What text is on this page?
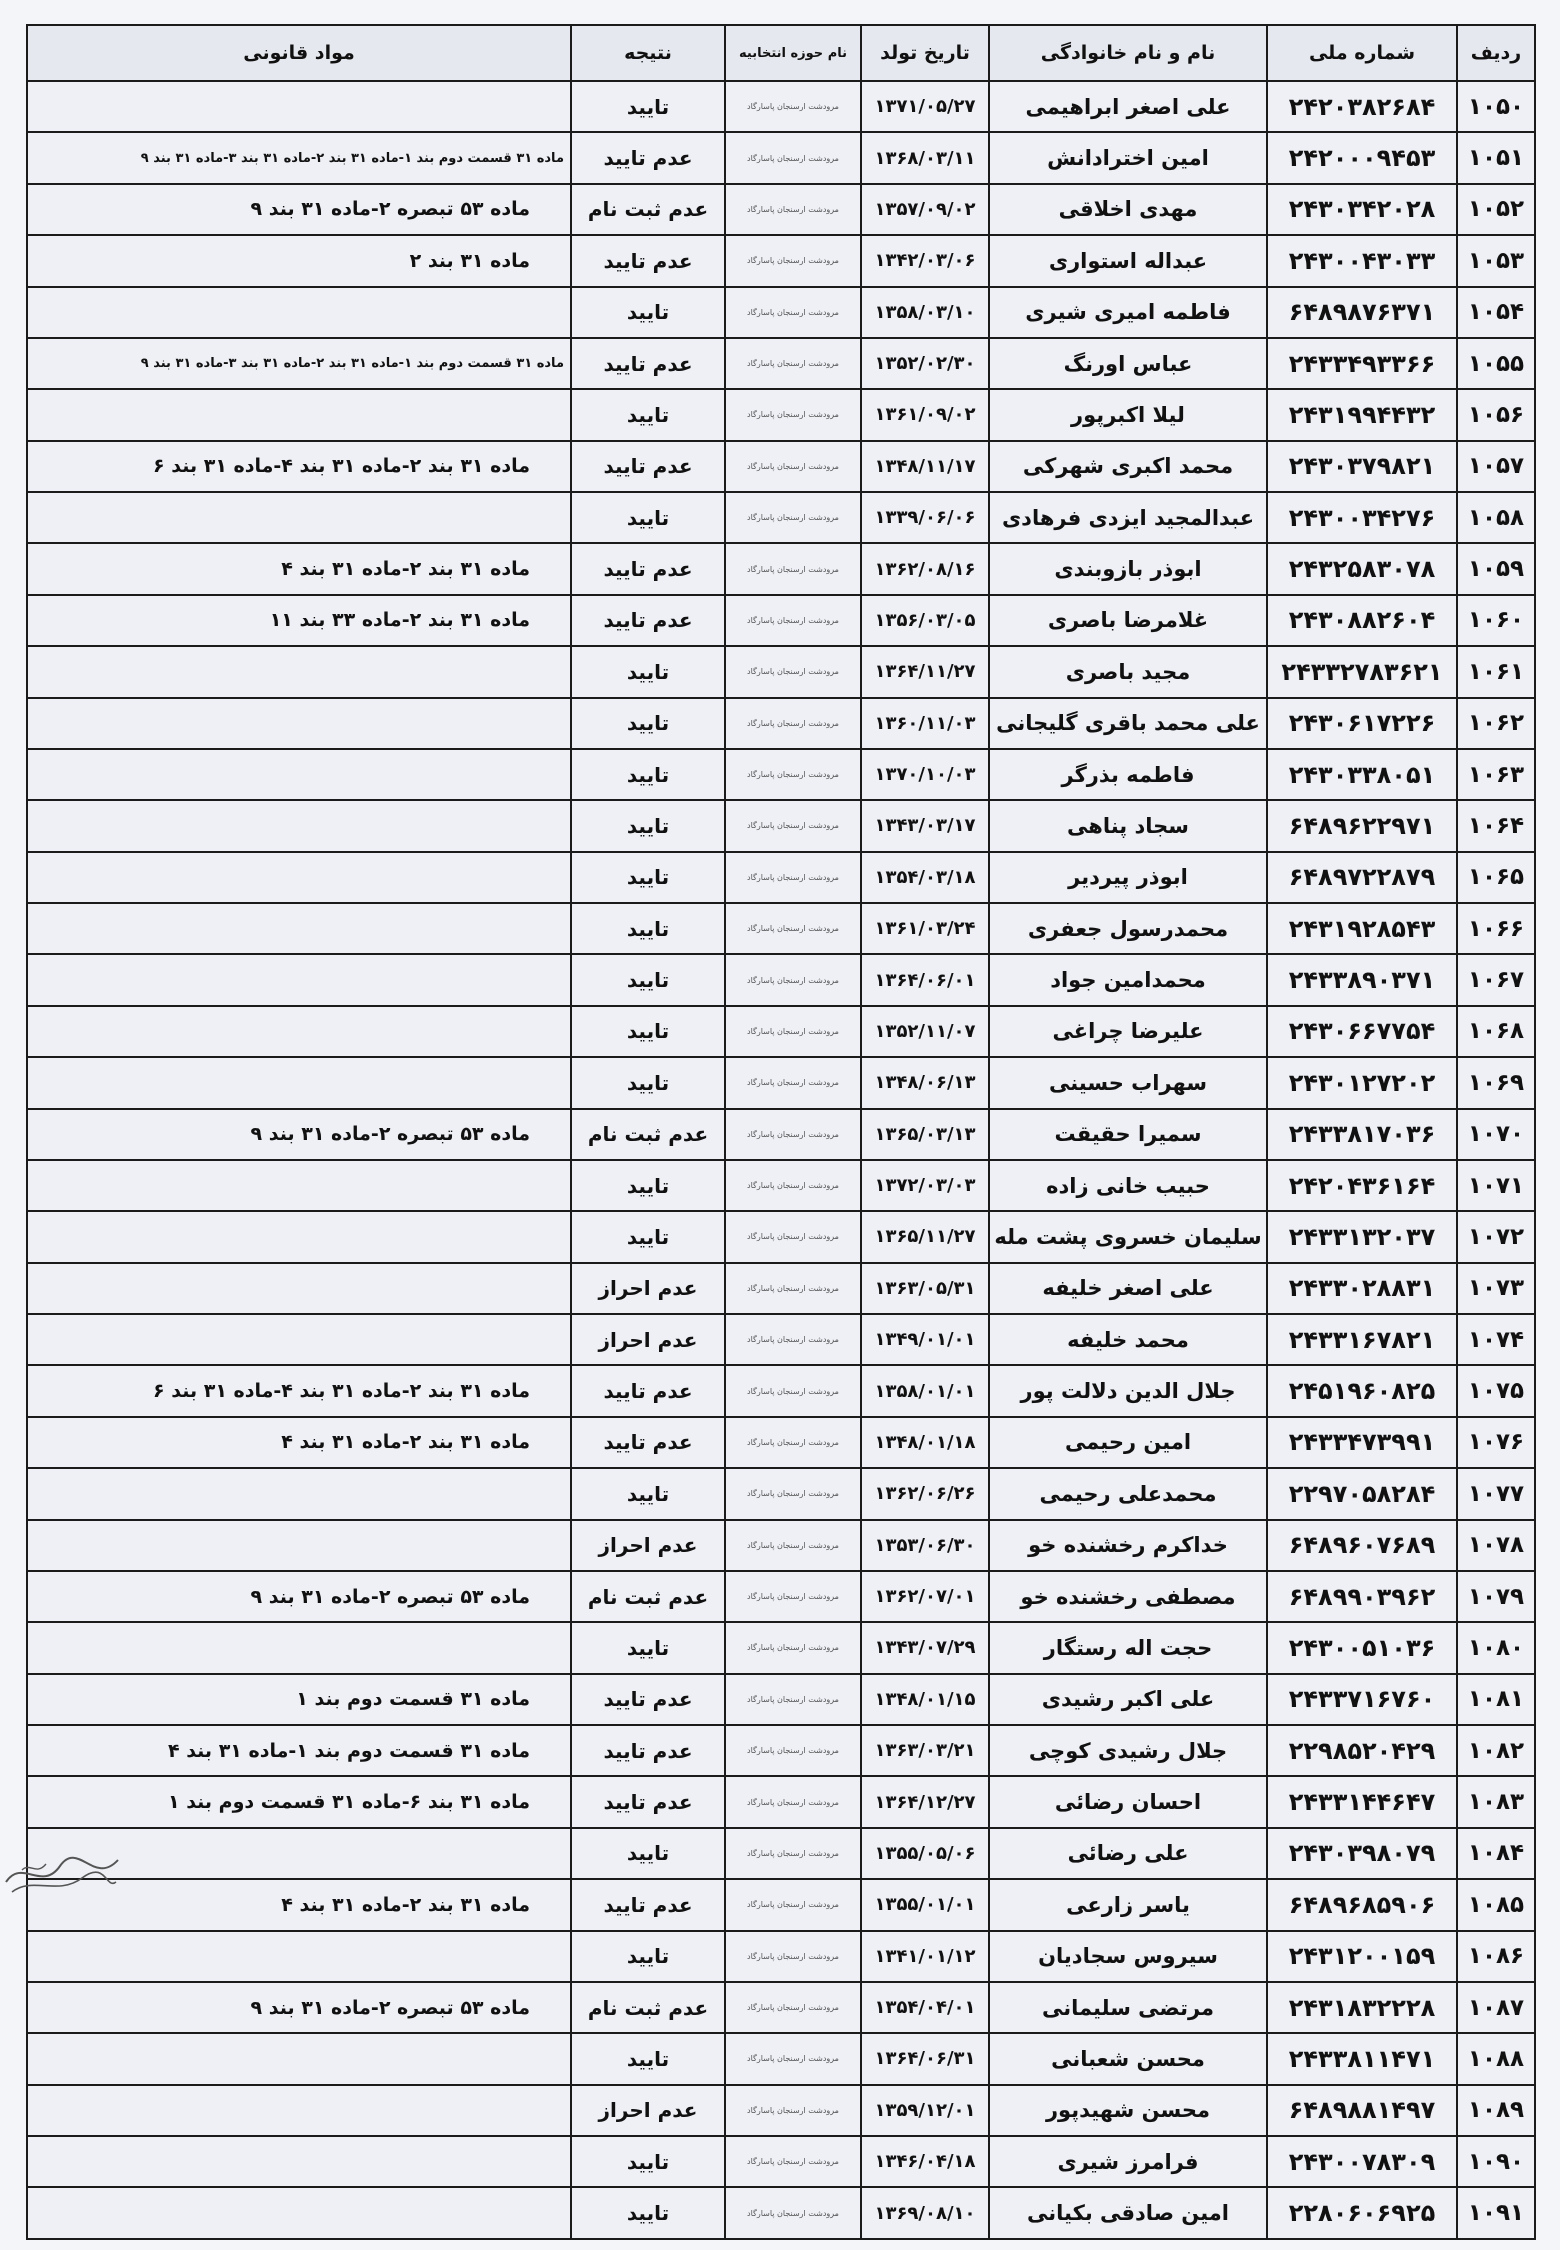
ردیف	شماره ملی	نام و نام خانوادگی	تاریخ تولد	نام حوزه انتخابیه	نتیجه	مواد قانونی
۱۰۵۰	۲۴۲۰۳۸۲۶۸۴	علی اصغر ابراهیمی	۱۳۷۱/۰۵/۲۷	مرودشت ارسنجان پاسارگاد	تایید	
۱۰۵۱	۲۴۲۰۰۰۹۴۵۳	امین اخترادانش	۱۳۶۸/۰۳/۱۱	مرودشت ارسنجان پاسارگاد	عدم تایید	ماده ۳۱ قسمت دوم بند ۱-ماده ۳۱ بند ۲-ماده ۳۱ بند ۳-ماده ۳۱ بند ۹
۱۰۵۲	۲۴۳۰۳۴۲۰۲۸	مهدی اخلاقی	۱۳۵۷/۰۹/۰۲	مرودشت ارسنجان پاسارگاد	عدم ثبت نام	ماده ۵۳ تبصره ۲-ماده ۳۱ بند ۹
۱۰۵۳	۲۴۳۰۰۴۳۰۳۳	عبداله استواری	۱۳۴۲/۰۳/۰۶	مرودشت ارسنجان پاسارگاد	عدم تایید	ماده ۳۱ بند ۲
۱۰۵۴	۶۴۸۹۸۷۶۳۷۱	فاطمه امیری شیری	۱۳۵۸/۰۳/۱۰	مرودشت ارسنجان پاسارگاد	تایید	
۱۰۵۵	۲۴۳۳۴۹۳۳۶۶	عباس اورنگ	۱۳۵۲/۰۲/۳۰	مرودشت ارسنجان پاسارگاد	عدم تایید	ماده ۳۱ قسمت دوم بند ۱-ماده ۳۱ بند ۲-ماده ۳۱ بند ۳-ماده ۳۱ بند ۹
۱۰۵۶	۲۴۳۱۹۹۴۴۳۲	لیلا اکبرپور	۱۳۶۱/۰۹/۰۲	مرودشت ارسنجان پاسارگاد	تایید	
۱۰۵۷	۲۴۳۰۳۷۹۸۲۱	محمد اکبری شهرکی	۱۳۴۸/۱۱/۱۷	مرودشت ارسنجان پاسارگاد	عدم تایید	ماده ۳۱ بند ۲-ماده ۳۱ بند ۴-ماده ۳۱ بند ۶
۱۰۵۸	۲۴۳۰۰۳۴۲۷۶	عبدالمجید ایزدی فرهادی	۱۳۳۹/۰۶/۰۶	مرودشت ارسنجان پاسارگاد	تایید	
۱۰۵۹	۲۴۳۲۵۸۳۰۷۸	ابوذر بازوبندی	۱۳۶۲/۰۸/۱۶	مرودشت ارسنجان پاسارگاد	عدم تایید	ماده ۳۱ بند ۲-ماده ۳۱ بند ۴
۱۰۶۰	۲۴۳۰۸۸۲۶۰۴	غلامرضا باصری	۱۳۵۶/۰۳/۰۵	مرودشت ارسنجان پاسارگاد	عدم تایید	ماده ۳۱ بند ۲-ماده ۳۳ بند ۱۱
۱۰۶۱	۲۴۳۳۲۷۸۳۶۲۱	مجید باصری	۱۳۶۴/۱۱/۲۷	مرودشت ارسنجان پاسارگاد	تایید	
۱۰۶۲	۲۴۳۰۶۱۷۲۲۶	علی محمد باقری گلیجانی	۱۳۶۰/۱۱/۰۳	مرودشت ارسنجان پاسارگاد	تایید	
۱۰۶۳	۲۴۳۰۳۳۸۰۵۱	فاطمه بذرگر	۱۳۷۰/۱۰/۰۳	مرودشت ارسنجان پاسارگاد	تایید	
۱۰۶۴	۶۴۸۹۶۲۲۹۷۱	سجاد پناهی	۱۳۴۳/۰۳/۱۷	مرودشت ارسنجان پاسارگاد	تایید	
۱۰۶۵	۶۴۸۹۷۲۲۸۷۹	ابوذر پیردیر	۱۳۵۴/۰۳/۱۸	مرودشت ارسنجان پاسارگاد	تایید	
۱۰۶۶	۲۴۳۱۹۲۸۵۴۳	محمدرسول جعفری	۱۳۶۱/۰۳/۲۴	مرودشت ارسنجان پاسارگاد	تایید	
۱۰۶۷	۲۴۳۳۸۹۰۳۷۱	محمدامین جواد	۱۳۶۴/۰۶/۰۱	مرودشت ارسنجان پاسارگاد	تایید	
۱۰۶۸	۲۴۳۰۶۶۷۷۵۴	علیرضا چراغی	۱۳۵۲/۱۱/۰۷	مرودشت ارسنجان پاسارگاد	تایید	
۱۰۶۹	۲۴۳۰۱۲۷۲۰۲	سهراب حسینی	۱۳۴۸/۰۶/۱۳	مرودشت ارسنجان پاسارگاد	تایید	
۱۰۷۰	۲۴۳۳۸۱۷۰۳۶	سمیرا حقیقت	۱۳۶۵/۰۳/۱۳	مرودشت ارسنجان پاسارگاد	عدم ثبت نام	ماده ۵۳ تبصره ۲-ماده ۳۱ بند ۹
۱۰۷۱	۲۴۲۰۴۳۶۱۶۴	حبیب خانی زاده	۱۳۷۲/۰۳/۰۳	مرودشت ارسنجان پاسارگاد	تایید	
۱۰۷۲	۲۴۳۳۱۳۲۰۳۷	سلیمان خسروی پشت مله	۱۳۶۵/۱۱/۲۷	مرودشت ارسنجان پاسارگاد	تایید	
۱۰۷۳	۲۴۳۳۰۲۸۸۳۱	علی اصغر خلیفه	۱۳۶۳/۰۵/۳۱	مرودشت ارسنجان پاسارگاد	عدم احراز	
۱۰۷۴	۲۴۳۳۱۶۷۸۲۱	محمد خلیفه	۱۳۴۹/۰۱/۰۱	مرودشت ارسنجان پاسارگاد	عدم احراز	
۱۰۷۵	۲۴۵۱۹۶۰۸۲۵	جلال الدین دلالت پور	۱۳۵۸/۰۱/۰۱	مرودشت ارسنجان پاسارگاد	عدم تایید	ماده ۳۱ بند ۲-ماده ۳۱ بند ۴-ماده ۳۱ بند ۶
۱۰۷۶	۲۴۳۳۴۷۳۹۹۱	امین رحیمی	۱۳۴۸/۰۱/۱۸	مرودشت ارسنجان پاسارگاد	عدم تایید	ماده ۳۱ بند ۲-ماده ۳۱ بند ۴
۱۰۷۷	۲۲۹۷۰۵۸۲۸۴	محمدعلی رحیمی	۱۳۶۲/۰۶/۲۶	مرودشت ارسنجان پاسارگاد	تایید	
۱۰۷۸	۶۴۸۹۶۰۷۶۸۹	خداکرم رخشنده خو	۱۳۵۳/۰۶/۳۰	مرودشت ارسنجان پاسارگاد	عدم احراز	
۱۰۷۹	۶۴۸۹۹۰۳۹۶۲	مصطفی رخشنده خو	۱۳۶۲/۰۷/۰۱	مرودشت ارسنجان پاسارگاد	عدم ثبت نام	ماده ۵۳ تبصره ۲-ماده ۳۱ بند ۹
۱۰۸۰	۲۴۳۰۰۵۱۰۳۶	حجت اله رستگار	۱۳۴۳/۰۷/۲۹	مرودشت ارسنجان پاسارگاد	تایید	
۱۰۸۱	۲۴۳۳۷۱۶۷۶۰	علی اکبر رشیدی	۱۳۴۸/۰۱/۱۵	مرودشت ارسنجان پاسارگاد	عدم تایید	ماده ۳۱ قسمت دوم بند ۱
۱۰۸۲	۲۲۹۸۵۲۰۴۲۹	جلال رشیدی کوچی	۱۳۶۳/۰۳/۲۱	مرودشت ارسنجان پاسارگاد	عدم تایید	ماده ۳۱ قسمت دوم بند ۱-ماده ۳۱ بند ۴
۱۰۸۳	۲۴۳۳۱۴۴۶۴۷	احسان رضائی	۱۳۶۴/۱۲/۲۷	مرودشت ارسنجان پاسارگاد	عدم تایید	ماده ۳۱ بند ۶-ماده ۳۱ قسمت دوم بند ۱
۱۰۸۴	۲۴۳۰۳۹۸۰۷۹	علی رضائی	۱۳۵۵/۰۵/۰۶	مرودشت ارسنجان پاسارگاد	تایید	
۱۰۸۵	۶۴۸۹۶۸۵۹۰۶	یاسر زارعی	۱۳۵۵/۰۱/۰۱	مرودشت ارسنجان پاسارگاد	عدم تایید	ماده ۳۱ بند ۲-ماده ۳۱ بند ۴
۱۰۸۶	۲۴۳۱۲۰۰۱۵۹	سیروس سجادیان	۱۳۴۱/۰۱/۱۲	مرودشت ارسنجان پاسارگاد	تایید	
۱۰۸۷	۲۴۳۱۸۳۲۲۲۸	مرتضی سلیمانی	۱۳۵۴/۰۴/۰۱	مرودشت ارسنجان پاسارگاد	عدم ثبت نام	ماده ۵۳ تبصره ۲-ماده ۳۱ بند ۹
۱۰۸۸	۲۴۳۳۸۱۱۴۷۱	محسن شعبانی	۱۳۶۴/۰۶/۳۱	مرودشت ارسنجان پاسارگاد	تایید	
۱۰۸۹	۶۴۸۹۸۸۱۴۹۷	محسن شهیدپور	۱۳۵۹/۱۲/۰۱	مرودشت ارسنجان پاسارگاد	عدم احراز	
۱۰۹۰	۲۴۳۰۰۷۸۳۰۹	فرامرز شیری	۱۳۴۶/۰۴/۱۸	مرودشت ارسنجان پاسارگاد	تایید	
۱۰۹۱	۲۲۸۰۶۰۶۹۲۵	امین صادقی بکیانی	۱۳۶۹/۰۸/۱۰	مرودشت ارسنجان پاسارگاد	تایید	
